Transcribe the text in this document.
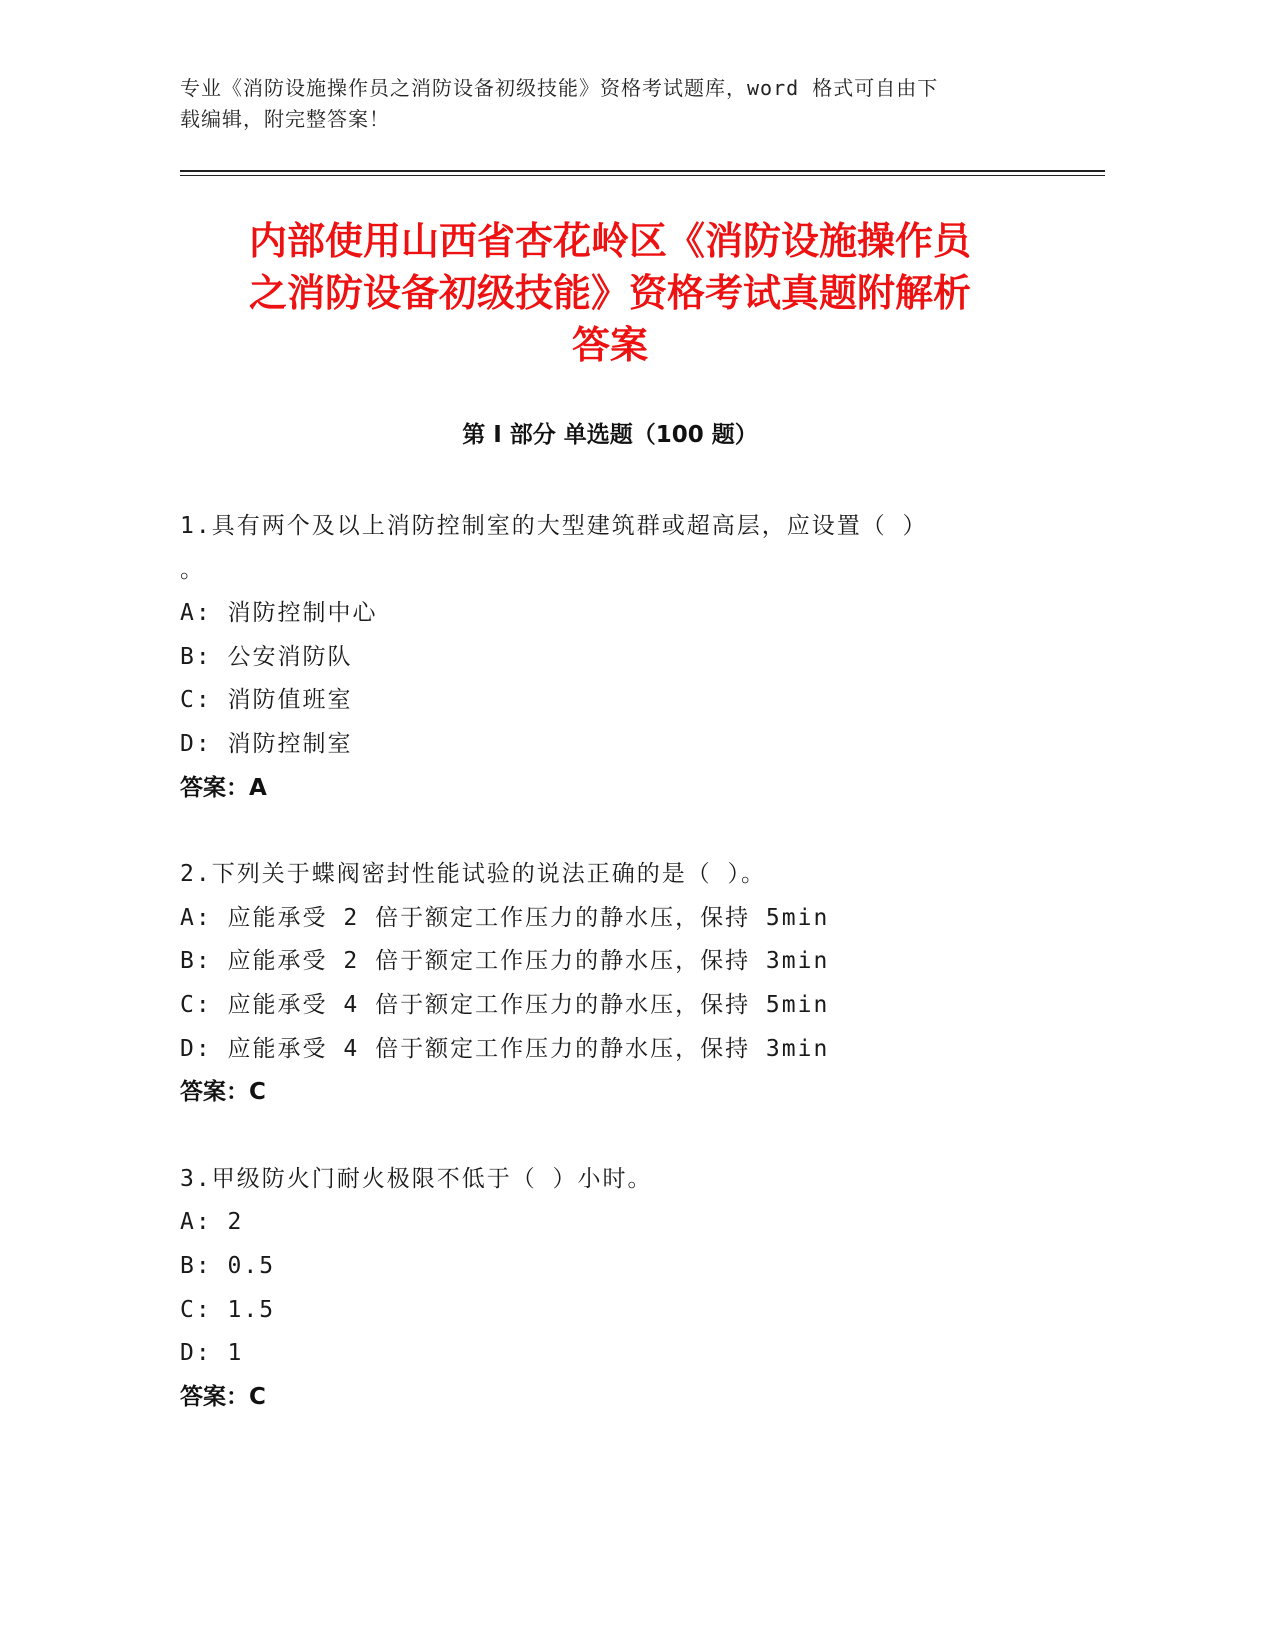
专业《消防设施操作员之消防设备初级技能》资格考试题库，word 格式可自由下
载编辑，附完整答案！
内部使用山西省杏花岭区《消防设施操作员
之消防设备初级技能》资格考试真题附解析
答案
第 I 部分 单选题（100 题）
1.具有两个及以上消防控制室的大型建筑群或超高层，应设置（ ）
。
A: 消防控制中心
B: 公安消防队
C: 消防值班室
D: 消防控制室
答案：A
2.下列关于蝶阀密封性能试验的说法正确的是（ ）。
A: 应能承受 2 倍于额定工作压力的静水压，保持 5min
B: 应能承受 2 倍于额定工作压力的静水压，保持 3min
C: 应能承受 4 倍于额定工作压力的静水压，保持 5min
D: 应能承受 4 倍于额定工作压力的静水压，保持 3min
答案：C
3.甲级防火门耐火极限不低于（ ）小时。
A: 2
B: 0.5
C: 1.5
D: 1
答案：C
